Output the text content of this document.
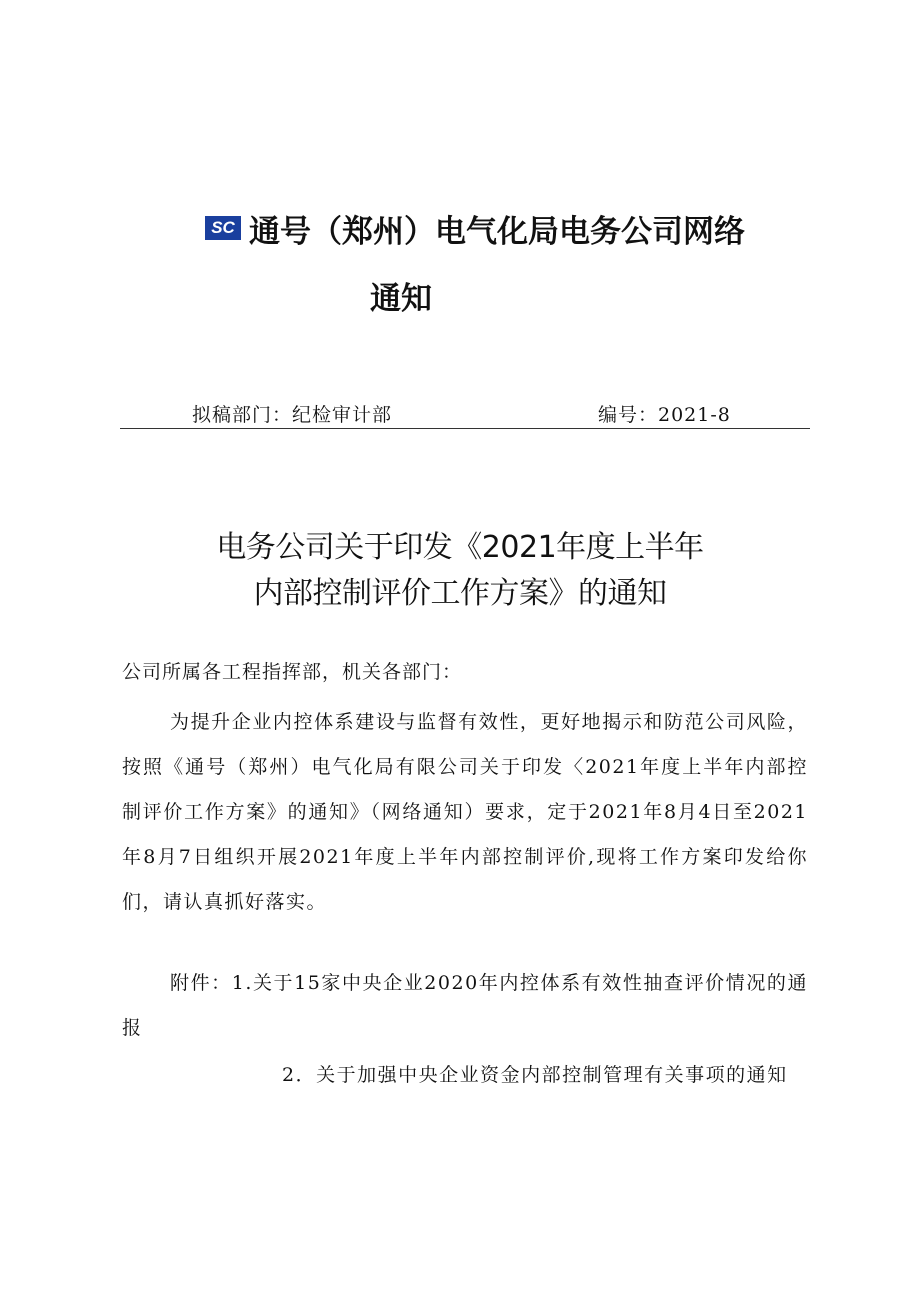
SC 通号（郑州）电气化局电务公司网络
通知
拟稿部门：纪检审计部	编号：2021-8
电务公司关于印发《2021年度上半年
内部控制评价工作方案》的通知
公司所属各工程指挥部，机关各部门：
为提升企业内控体系建设与监督有效性，更好地揭示和防范公司风险，按照《通号（郑州）电气化局有限公司关于印发〈2021年度上半年内部控制评价工作方案》的通知》（网络通知）要求，定于2021年8月4日至2021年8月7日组织开展2021年度上半年内部控制评价,现将工作方案印发给你们，请认真抓好落实。
附件：1.关于15家中央企业2020年内控体系有效性抽查评价情况的通报
2．关于加强中央企业资金内部控制管理有关事项的通知
